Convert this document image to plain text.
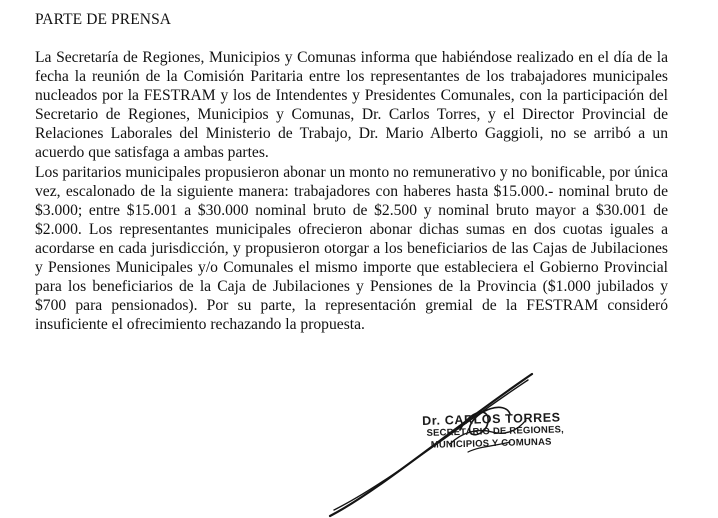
PARTE DE PRENSA

La Secretaría de Regiones, Municipios y Comunas informa que habiéndose realizado en el día de la fecha la reunión de la Comisión Paritaria entre los representantes de los trabajadores municipales nucleados por la FESTRAM y los de Intendentes y Presidentes Comunales, con la participación del Secretario de Regiones, Municipios y Comunas, Dr. Carlos Torres, y el Director Provincial de Relaciones Laborales del Ministerio de Trabajo, Dr. Mario Alberto Gaggioli, no se arribó a un acuerdo que satisfaga a ambas partes.

Los paritarios municipales propusieron abonar un monto no remunerativo y no bonificable, por única vez, escalonado de la siguiente manera: trabajadores con haberes hasta $15.000.- nominal bruto de $3.000; entre $15.001 a $30.000 nominal bruto de $2.500 y nominal bruto mayor a $30.001 de $2.000. Los representantes municipales ofrecieron abonar dichas sumas en dos cuotas iguales a acordarse en cada jurisdicción, y propusieron otorgar a los beneficiarios de las Cajas de Jubilaciones y Pensiones Municipales y/o Comunales el mismo importe que estableciera el Gobierno Provincial para los beneficiarios de la Caja de Jubilaciones y Pensiones de la Provincia ($1.000 jubilados y $700 para pensionados). Por su parte, la representación gremial de la FESTRAM consideró insuficiente el ofrecimiento rechazando la propuesta.

Dr. CARLOS TORRES
SECRETARIO DE REGIONES,
MUNICIPIOS Y COMUNAS
